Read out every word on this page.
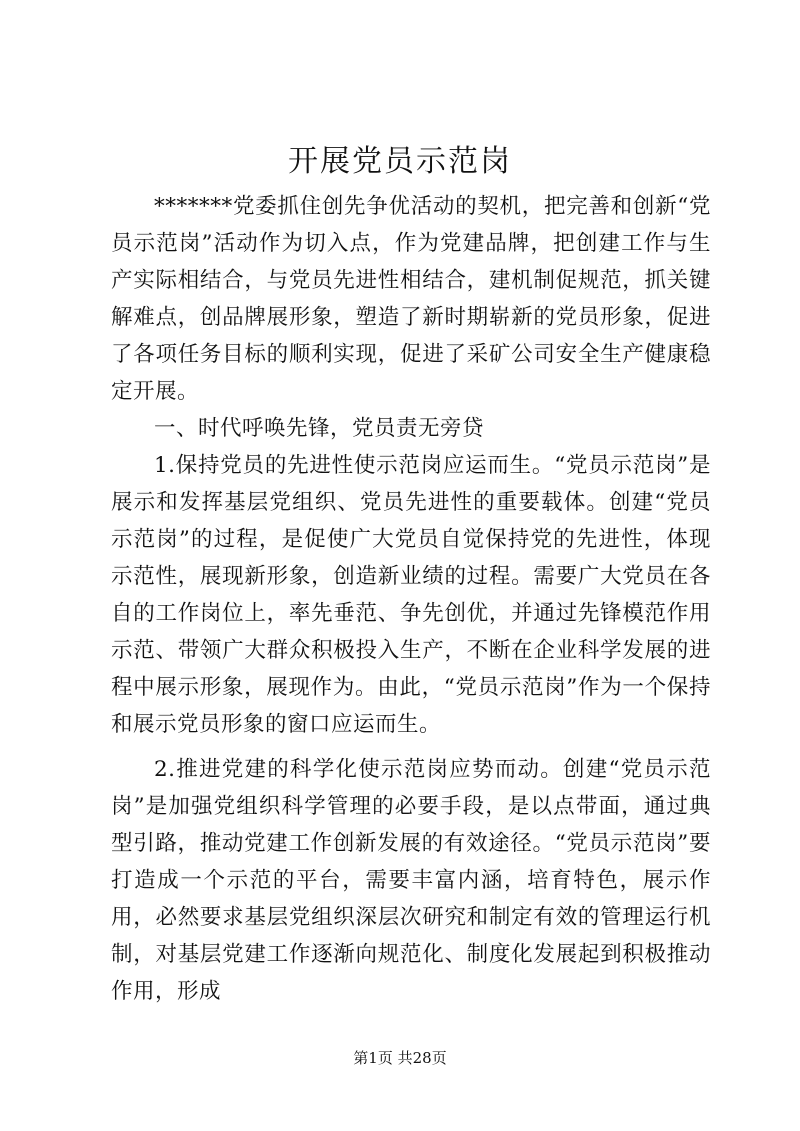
开展党员示范岗

*******党委抓住创先争优活动的契机，把完善和创新“党员示范岗”活动作为切入点，作为党建品牌，把创建工作与生产实际相结合，与党员先进性相结合，建机制促规范，抓关键解难点，创品牌展形象，塑造了新时期崭新的党员形象，促进了各项任务目标的顺利实现，促进了采矿公司安全生产健康稳定开展。

一、时代呼唤先锋，党员责无旁贷

1.保持党员的先进性使示范岗应运而生。“党员示范岗”是展示和发挥基层党组织、党员先进性的重要载体。创建“党员示范岗”的过程，是促使广大党员自觉保持党的先进性，体现示范性，展现新形象，创造新业绩的过程。需要广大党员在各自的工作岗位上，率先垂范、争先创优，并通过先锋模范作用示范、带领广大群众积极投入生产，不断在企业科学发展的进程中展示形象，展现作为。由此，“党员示范岗”作为一个保持和展示党员形象的窗口应运而生。

2.推进党建的科学化使示范岗应势而动。创建“党员示范岗”是加强党组织科学管理的必要手段，是以点带面，通过典型引路，推动党建工作创新发展的有效途径。“党员示范岗”要打造成一个示范的平台，需要丰富内涵，培育特色，展示作用，必然要求基层党组织深层次研究和制定有效的管理运行机制，对基层党建工作逐渐向规范化、制度化发展起到积极推动作用，形成

第1页 共28页
